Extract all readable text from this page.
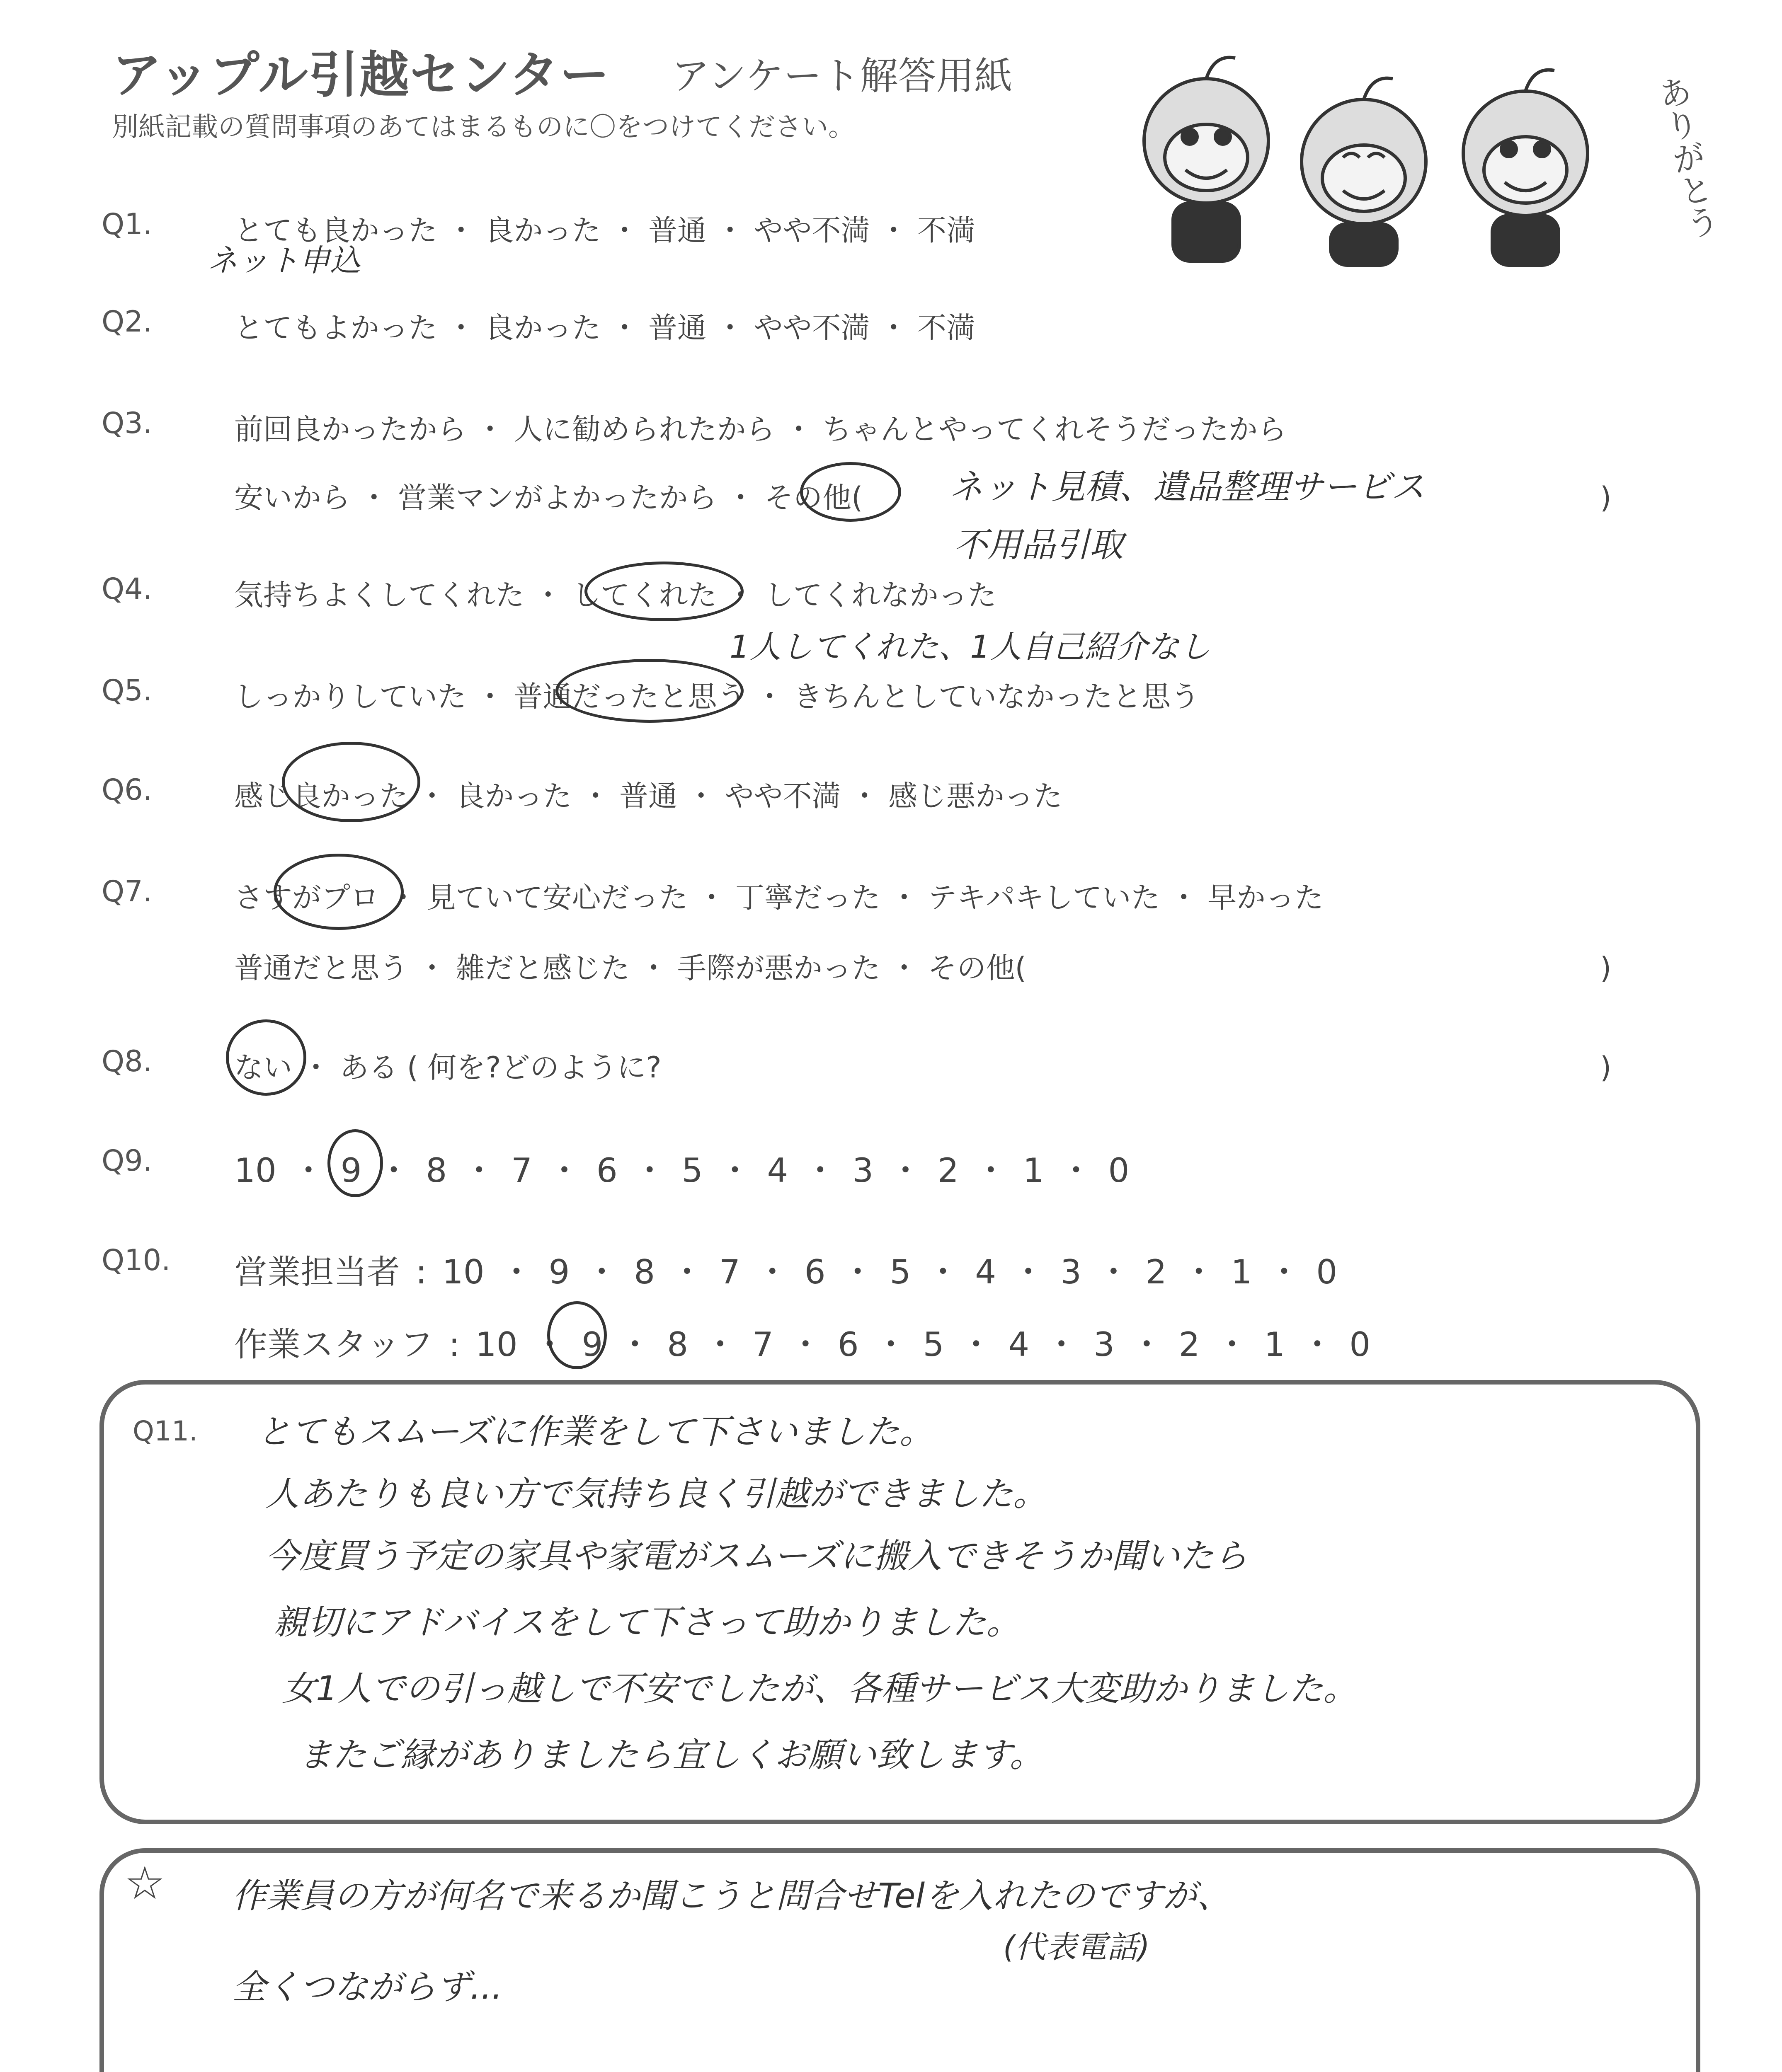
アップル引越センター アンケート解答用紙
別紙記載の質問事項のあてはまるものに〇をつけてください。	ありがとう
Q1.	とても良かった ・ 良かった ・ 普通 ・ やや不満 ・ 不満
ネット申込
Q2.	とてもよかった ・ 良かった ・ 普通 ・ やや不満 ・ 不満
Q3.	前回良かったから ・ 人に勧められたから ・ ちゃんとやってくれそうだったから
安いから ・ 営業マンがよかったから ・ その他(	)
ネット見積、遺品整理サービス
不用品引取
Q4.	気持ちよくしてくれた ・ してくれた ・ してくれなかった
1人してくれた、1人自己紹介なし
Q5.	しっかりしていた ・ 普通だったと思う ・ きちんとしていなかったと思う
Q6.	感じ良かった ・ 良かった ・ 普通 ・ やや不満 ・ 感じ悪かった
Q7.	さすがプロ ・ 見ていて安心だった ・ 丁寧だった ・ テキパキしていた ・ 早かった
普通だと思う ・ 雑だと感じた ・ 手際が悪かった ・ その他(	)
Q8.	ない ・ ある ( 何を?どのように?	)
Q9. 10 ・ 9 ・ 8 ・ 7 ・ 6 ・ 5 ・ 4 ・ 3 ・ 2 ・ 1 ・ 0
Q10. 営業担当者 : 10 ・ 9 ・ 8 ・ 7 ・ 6 ・ 5 ・ 4 ・ 3 ・ 2 ・ 1 ・ 0
作業スタッフ : 10 ・ 9 ・ 8 ・ 7 ・ 6 ・ 5 ・ 4 ・ 3 ・ 2 ・ 1 ・ 0
Q11. とてもスムーズに作業をして下さいました。
人あたりも良い方で気持ち良く引越ができました。
今度買う予定の家具や家電がスムーズに搬入できそうか聞いたら
親切にアドバイスをして下さって助かりました。
女1人での引っ越しで不安でしたが、各種サービス大変助かりました。
またご縁がありましたら宜しくお願い致します。
☆ 作業員の方が何名で来るか聞こうと問合せTelを入れたのですが、
(代表電話)
全くつながらず...
